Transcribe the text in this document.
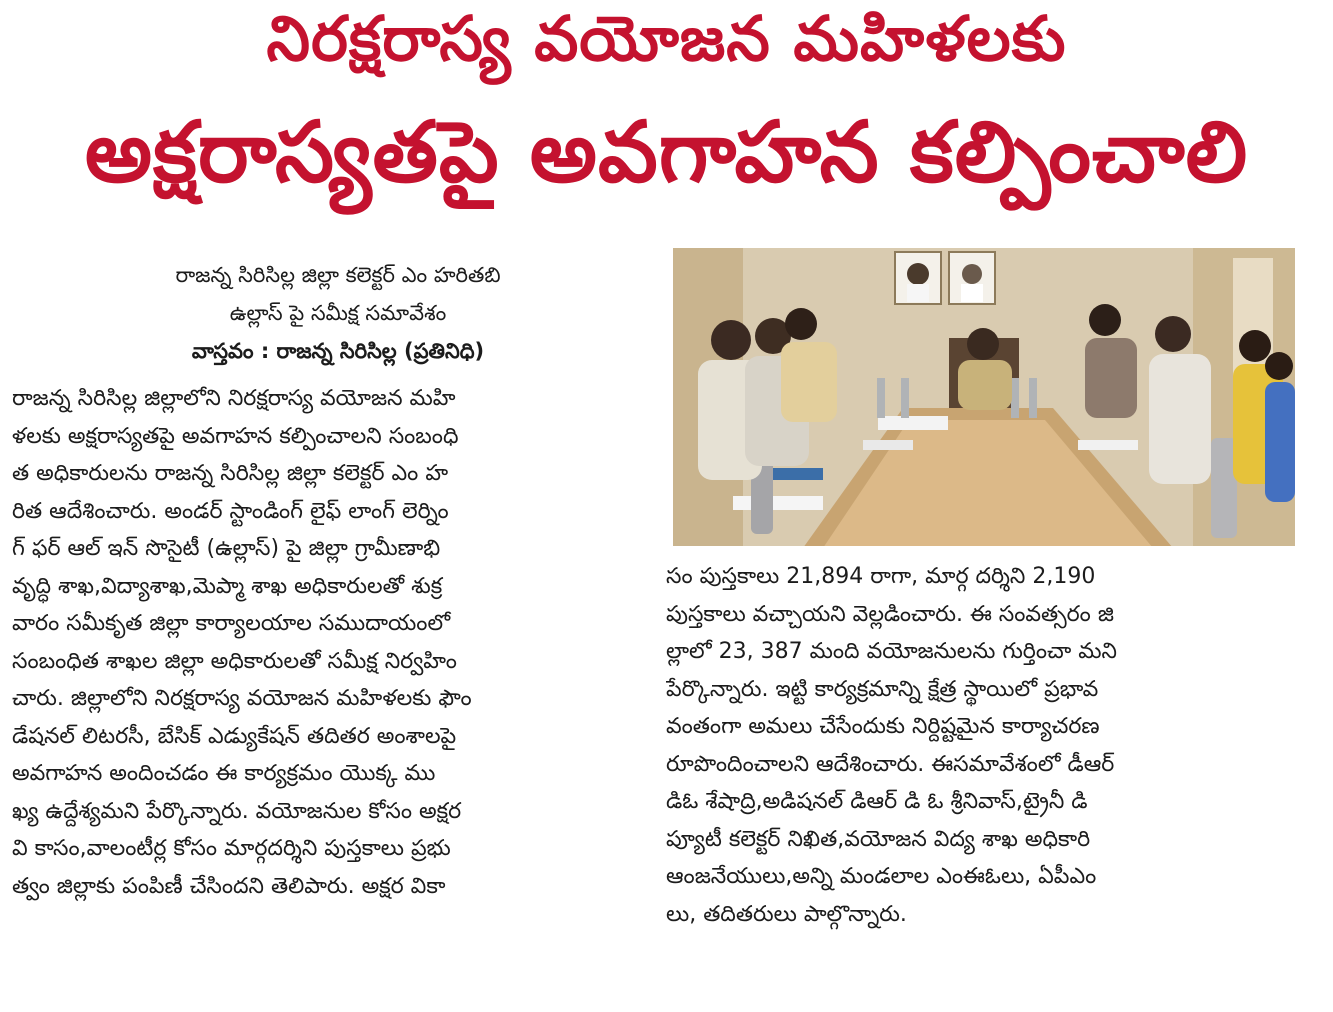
నిరక్షరాస్య వయోజన మహిళలకు
అక్షరాస్యతపై అవగాహన కల్పించాలి
రాజన్న సిరిసిల్ల జిల్లా కలెక్టర్ ఎం హరితబి
ఉల్లాస్ పై సమీక్ష సమావేశం
వాస్తవం : రాజన్న సిరిసిల్ల (ప్రతినిధి)
రాజన్న సిరిసిల్ల జిల్లాలోని నిరక్షరాస్య వయోజన మహి
ళలకు అక్షరాస్యతపై అవగాహన కల్పించాలని సంబంధి
త అధికారులను రాజన్న సిరిసిల్ల జిల్లా కలెక్టర్ ఎం హ
రిత ఆదేశించారు. అండర్ స్టాండింగ్ లైఫ్ లాంగ్ లెర్నిం
గ్ ఫర్ ఆల్ ఇన్ సొసైటీ (ఉల్లాస్) పై జిల్లా గ్రామీణాభి
వృద్ధి శాఖ,విద్యాశాఖ,మెప్మా శాఖ అధికారులతో శుక్ర
వారం సమీకృత జిల్లా కార్యాలయాల సముదాయంలో
సంబంధిత శాఖల జిల్లా అధికారులతో సమీక్ష నిర్వహిం
చారు. జిల్లాలోని నిరక్షరాస్య వయోజన మహిళలకు ఫౌం
డేషనల్ లిటరసీ, బేసిక్ ఎడ్యుకేషన్ తదితర అంశాలపై
అవగాహన అందించడం ఈ కార్యక్రమం యొక్క ము
ఖ్య ఉద్దేశ్యమని పేర్కొన్నారు. వయోజనుల కోసం అక్షర
వి కాసం,వాలంటీర్ల కోసం మార్గదర్శిని పుస్తకాలు ప్రభు
త్వం జిల్లాకు పంపిణీ చేసిందని తెలిపారు. అక్షర వికా
సం పుస్తకాలు 21,894 రాగా, మార్గ దర్శిని 2,190
పుస్తకాలు వచ్చాయని వెల్లడించారు. ఈ సంవత్సరం జి
ల్లాలో 23, 387 మంది వయోజనులను గుర్తించా మని
పేర్కొన్నారు. ఇట్టి కార్యక్రమాన్ని క్షేత్ర స్థాయిలో ప్రభావ
వంతంగా అమలు చేసేందుకు నిర్దిష్టమైన కార్యాచరణ
రూపొందించాలని ఆదేశించారు. ఈసమావేశంలో డీఆర్
డిఓ శేషాద్రి,అడిషనల్ డిఆర్ డి ఓ శ్రీనివాస్,ట్రైనీ డి
ప్యూటీ కలెక్టర్ నిఖిత,వయోజన విద్య శాఖ అధికారి
ఆంజనేయులు,అన్ని మండలాల ఎంఈఓలు, ఏపీఎం
లు, తదితరులు పాల్గొన్నారు.
